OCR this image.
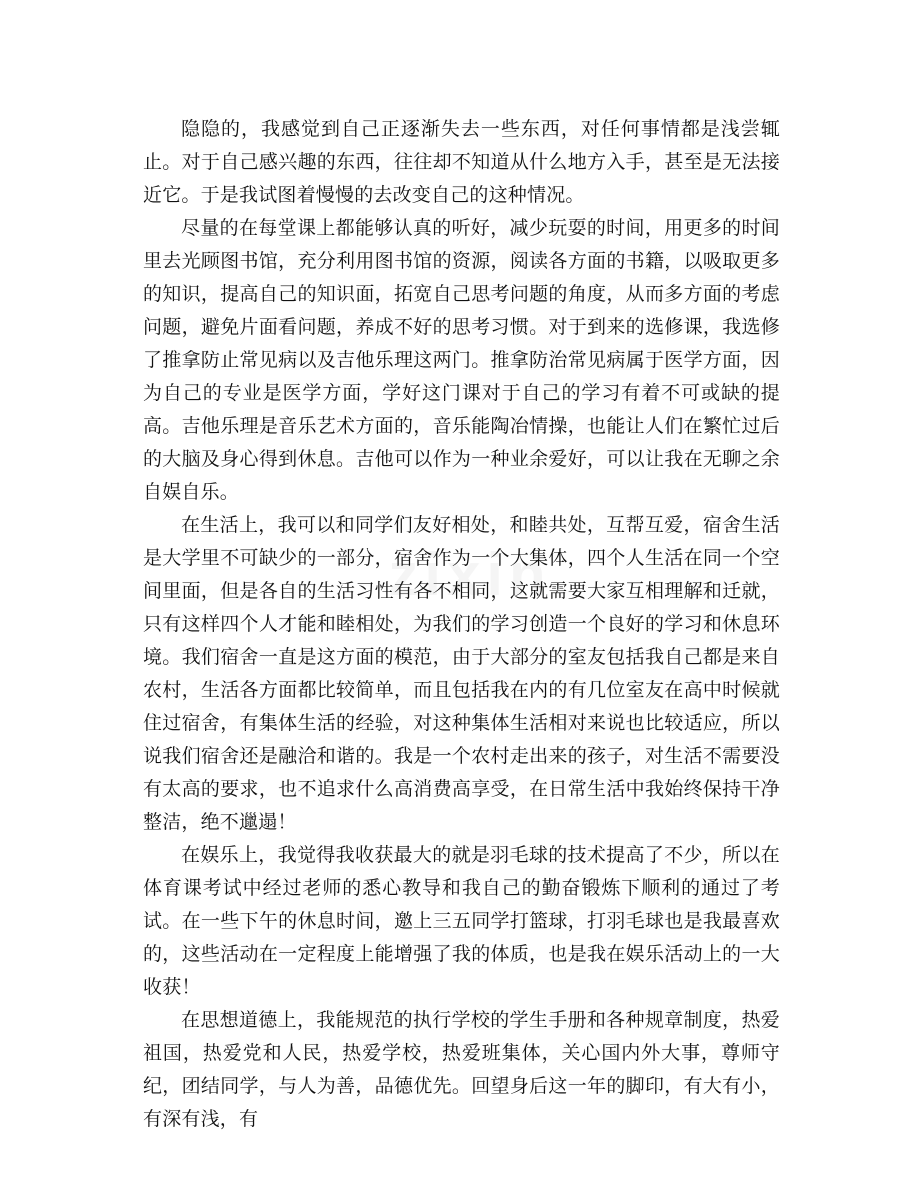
隐隐的，我感觉到自己正逐渐失去一些东西，对任何事情都是浅尝辄止。对于自己感兴趣的东西，往往却不知道从什么地方入手，甚至是无法接近它。于是我试图着慢慢的去改变自己的这种情况。

尽量的在每堂课上都能够认真的听好，减少玩耍的时间，用更多的时间里去光顾图书馆，充分利用图书馆的资源，阅读各方面的书籍，以吸取更多的知识，提高自己的知识面，拓宽自己思考问题的角度，从而多方面的考虑问题，避免片面看问题，养成不好的思考习惯。对于到来的选修课，我选修了推拿防止常见病以及吉他乐理这两门。推拿防治常见病属于医学方面，因为自己的专业是医学方面，学好这门课对于自己的学习有着不可或缺的提高。吉他乐理是音乐艺术方面的，音乐能陶冶情操，也能让人们在繁忙过后的大脑及身心得到休息。吉他可以作为一种业余爱好，可以让我在无聊之余自娱自乐。

在生活上，我可以和同学们友好相处，和睦共处，互帮互爱，宿舍生活是大学里不可缺少的一部分，宿舍作为一个大集体，四个人生活在同一个空间里面，但是各自的生活习性有各不相同，这就需要大家互相理解和迁就，只有这样四个人才能和睦相处，为我们的学习创造一个良好的学习和休息环境。我们宿舍一直是这方面的模范，由于大部分的室友包括我自己都是来自农村，生活各方面都比较简单，而且包括我在内的有几位室友在高中时候就住过宿舍，有集体生活的经验，对这种集体生活相对来说也比较适应，所以说我们宿舍还是融洽和谐的。我是一个农村走出来的孩子，对生活不需要没有太高的要求，也不追求什么高消费高享受，在日常生活中我始终保持干净整洁，绝不邋遢！

在娱乐上，我觉得我收获最大的就是羽毛球的技术提高了不少，所以在体育课考试中经过老师的悉心教导和我自己的勤奋锻炼下顺利的通过了考试。在一些下午的休息时间，邀上三五同学打篮球，打羽毛球也是我最喜欢的，这些活动在一定程度上能增强了我的体质，也是我在娱乐活动上的一大收获！

在思想道德上，我能规范的执行学校的学生手册和各种规章制度，热爱祖国，热爱党和人民，热爱学校，热爱班集体，关心国内外大事，尊师守纪，团结同学，与人为善，品德优先。回望身后这一年的脚印，有大有小，有深有浅，有
